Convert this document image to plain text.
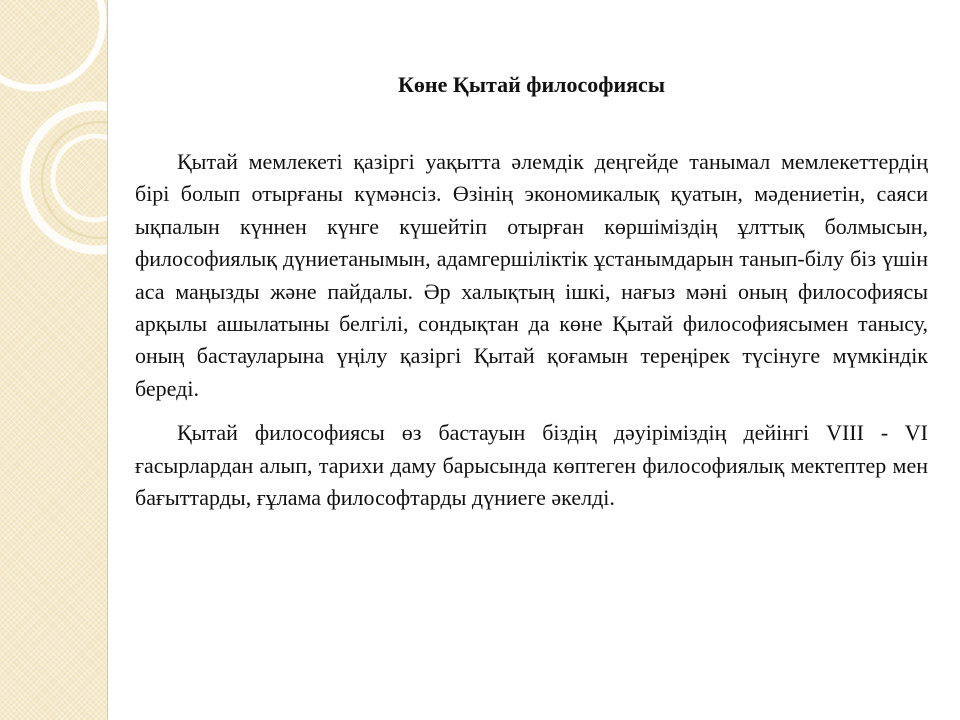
Көне Қытай философиясы

Қытай мемлекеті қазіргі уақытта әлемдік деңгейде танымал мемлекеттердің бірі болып отырғаны күмәнсіз. Өзінің экономикалық қуатын, мәдениетін, саяси ықпалын күннен күнге күшейтіп отырған көршіміздің ұлттық болмысын, философиялық дүниетанымын, адамгершіліктік ұстанымдарын танып-білу біз үшін аса маңызды және пайдалы. Әр халықтың ішкі, нағыз мәні оның философиясы арқылы ашылатыны белгілі, сондықтан да көне Қытай философиясымен танысу, оның бастауларына үңілу қазіргі Қытай қоғамын тереңірек түсінуге мүмкіндік береді.

Қытай философиясы өз бастауын біздің дәуіріміздің дейінгі VIII - VI ғасырлардан алып, тарихи даму барысында көптеген философиялық мектептер мен бағыттарды, ғұлама философтарды дүниеге әкелді.
